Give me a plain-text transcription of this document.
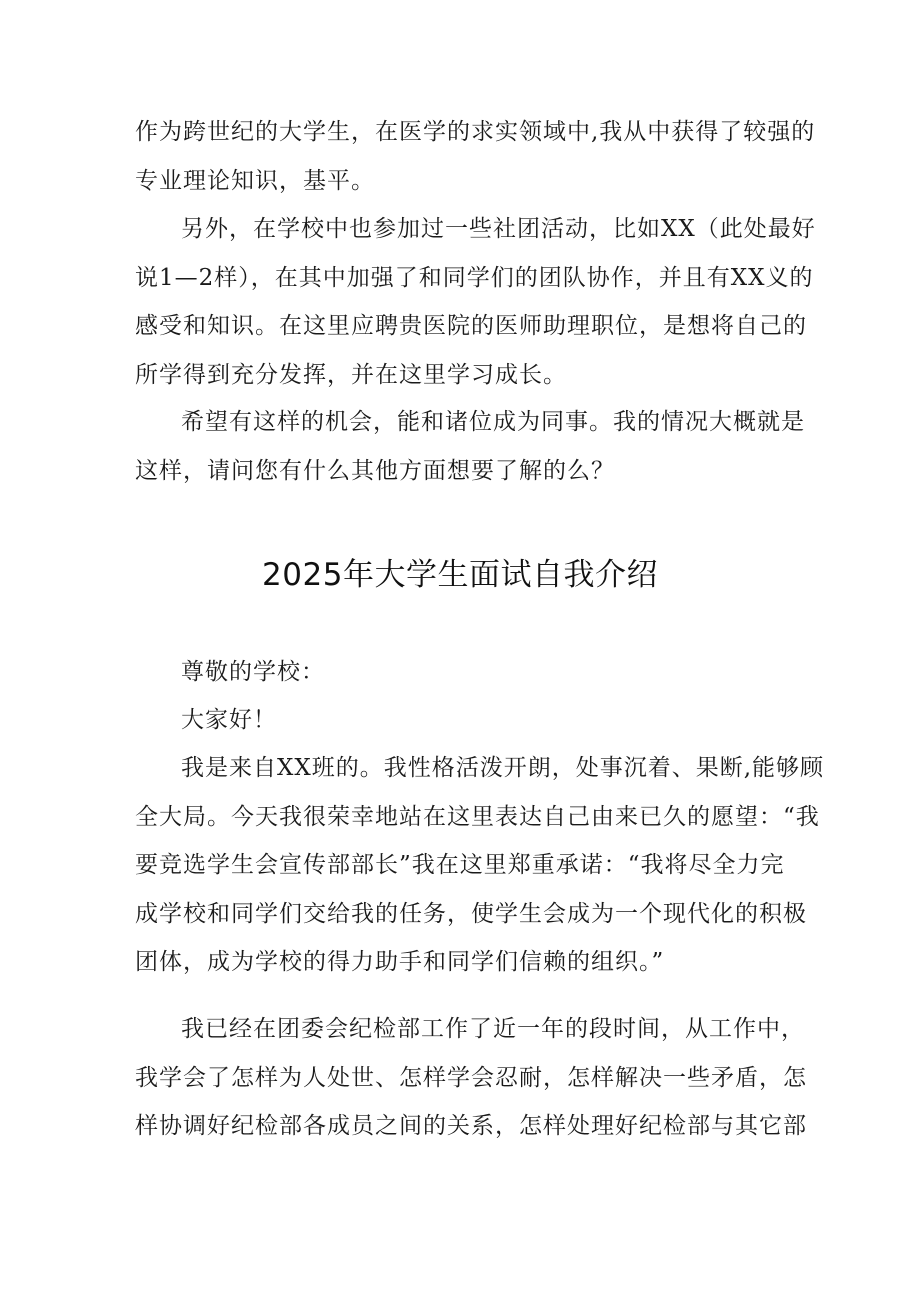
作为跨世纪的大学生，在医学的求实领域中,我从中获得了较强的
专业理论知识，基平。
另外，在学校中也参加过一些社团活动，比如XX（此处最好
说1—2样），在其中加强了和同学们的团队协作，并且有XX义的
感受和知识。在这里应聘贵医院的医师助理职位，是想将自己的
所学得到充分发挥，并在这里学习成长。
希望有这样的机会，能和诸位成为同事。我的情况大概就是
这样，请问您有什么其他方面想要了解的么？
2025年大学生面试自我介绍
尊敬的学校：
大家好！
我是来自XX班的。我性格活泼开朗，处事沉着、果断,能够顾
全大局。今天我很荣幸地站在这里表达自己由来已久的愿望：“我
要竞选学生会宣传部部长”我在这里郑重承诺：“我将尽全力完
成学校和同学们交给我的任务，使学生会成为一个现代化的积极
团体，成为学校的得力助手和同学们信赖的组织。”
我已经在团委会纪检部工作了近一年的段时间，从工作中，
我学会了怎样为人处世、怎样学会忍耐，怎样解决一些矛盾，怎
样协调好纪检部各成员之间的关系，怎样处理好纪检部与其它部
